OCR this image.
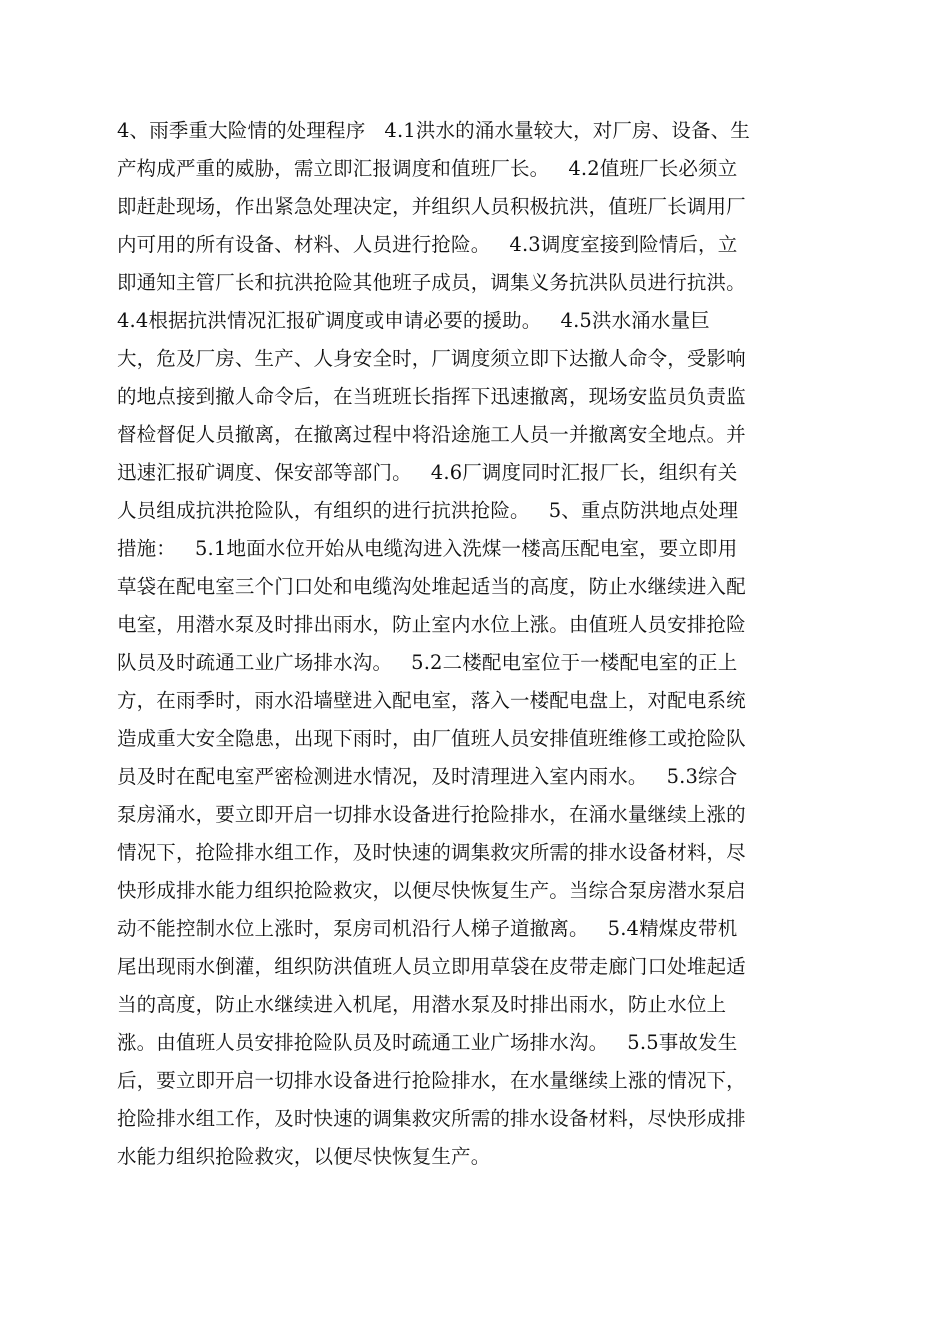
4、雨季重大险情的处理程序   4.1洪水的涌水量较大，对厂房、设备、生
产构成严重的威胁，需立即汇报调度和值班厂长。   4.2值班厂长必须立
即赶赴现场，作出紧急处理决定，并组织人员积极抗洪，值班厂长调用厂
内可用的所有设备、材料、人员进行抢险。   4.3调度室接到险情后，立
即通知主管厂长和抗洪抢险其他班子成员，调集义务抗洪队员进行抗洪。
4.4根据抗洪情况汇报矿调度或申请必要的援助。   4.5洪水涌水量巨
大，危及厂房、生产、人身安全时，厂调度须立即下达撤人命令，受影响
的地点接到撤人命令后，在当班班长指挥下迅速撤离，现场安监员负责监
督检督促人员撤离，在撤离过程中将沿途施工人员一并撤离安全地点。并
迅速汇报矿调度、保安部等部门。   4.6厂调度同时汇报厂长，组织有关
人员组成抗洪抢险队，有组织的进行抗洪抢险。   5、重点防洪地点处理
措施：   5.1地面水位开始从电缆沟进入洗煤一楼高压配电室，要立即用
草袋在配电室三个门口处和电缆沟处堆起适当的高度，防止水继续进入配
电室，用潜水泵及时排出雨水，防止室内水位上涨。由值班人员安排抢险
队员及时疏通工业广场排水沟。   5.2二楼配电室位于一楼配电室的正上
方，在雨季时，雨水沿墙壁进入配电室，落入一楼配电盘上，对配电系统
造成重大安全隐患，出现下雨时，由厂值班人员安排值班维修工或抢险队
员及时在配电室严密检测进水情况，及时清理进入室内雨水。   5.3综合
泵房涌水，要立即开启一切排水设备进行抢险排水，在涌水量继续上涨的
情况下，抢险排水组工作，及时快速的调集救灾所需的排水设备材料，尽
快形成排水能力组织抢险救灾，以便尽快恢复生产。当综合泵房潜水泵启
动不能控制水位上涨时，泵房司机沿行人梯子道撤离。   5.4精煤皮带机
尾出现雨水倒灌，组织防洪值班人员立即用草袋在皮带走廊门口处堆起适
当的高度，防止水继续进入机尾，用潜水泵及时排出雨水，防止水位上
涨。由值班人员安排抢险队员及时疏通工业广场排水沟。   5.5事故发生
后，要立即开启一切排水设备进行抢险排水，在水量继续上涨的情况下，
抢险排水组工作，及时快速的调集救灾所需的排水设备材料，尽快形成排
水能力组织抢险救灾，以便尽快恢复生产。
